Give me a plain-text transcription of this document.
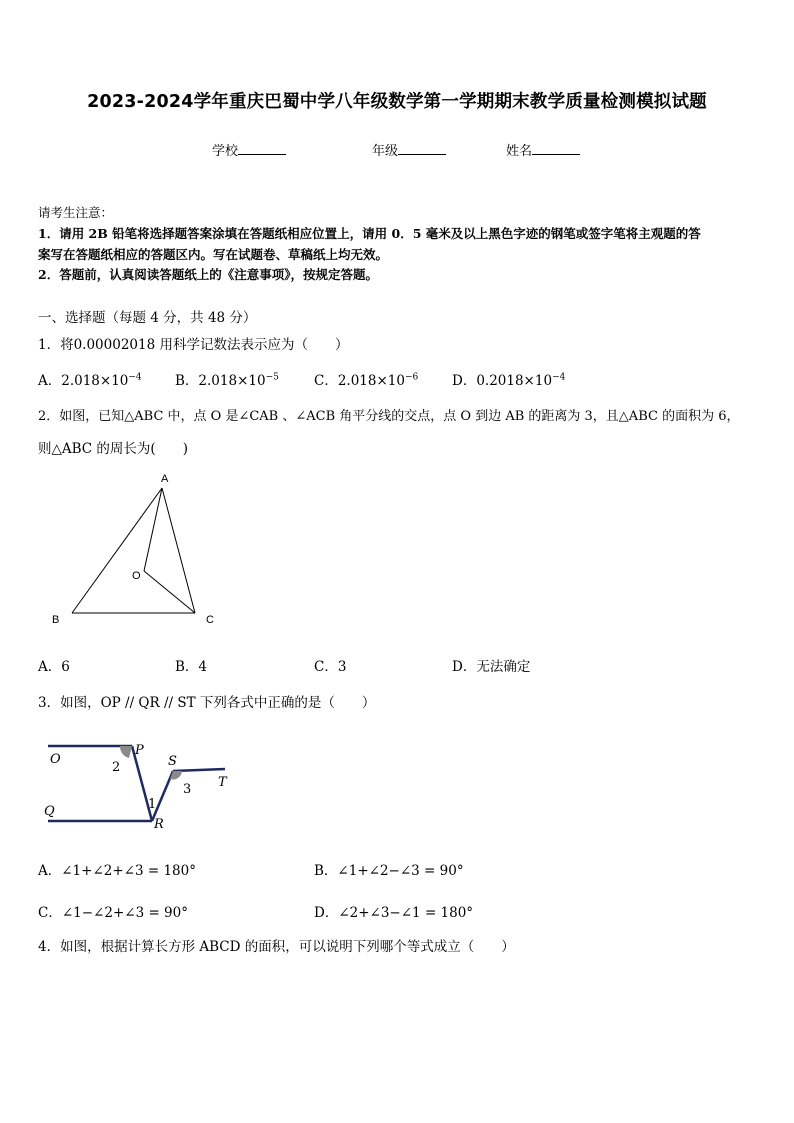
2023-2024学年重庆巴蜀中学八年级数学第一学期期末教学质量检测模拟试题
学校	年级	姓名
请考生注意：
1．请用 2B 铅笔将选择题答案涂填在答题纸相应位置上，请用 0．5 毫米及以上黑色字迹的钢笔或签字笔将主观题的答
案写在答题纸相应的答题区内。写在试题卷、草稿纸上均无效。
2．答题前，认真阅读答题纸上的《注意事项》，按规定答题。
一、选择题（每题 4 分，共 48 分）
1．将0.00002018 用科学记数法表示应为（　　）
A．$2.018\times 10^{-4}$ B．$2.018\times 10^{-5}$	C．$2.018\times 10^{-6}$	D．$0.2018\times 10^{-4}$
2．如图，已知△ABC 中，点 O 是∠CAB 、∠ACB 角平分线的交点，点 O 到边 AB 的距离为 3，且△ABC 的面积为 6，
则△ABC 的周长为(　　)
A
B	C
O
A．6	B．4	C．3	D．无法确定
3．如图，OP // QR // ST 下列各式中正确的是（　　）
O
P
2	S
3 T
Q	1
R
A．∠1+∠2+∠3 = 180°	B．∠1+∠2−∠3 = 90°
C．∠1−∠2+∠3 = 90°	D．∠2+∠3−∠1 = 180°
4．如图，根据计算长方形 ABCD 的面积，可以说明下列哪个等式成立（　　）
